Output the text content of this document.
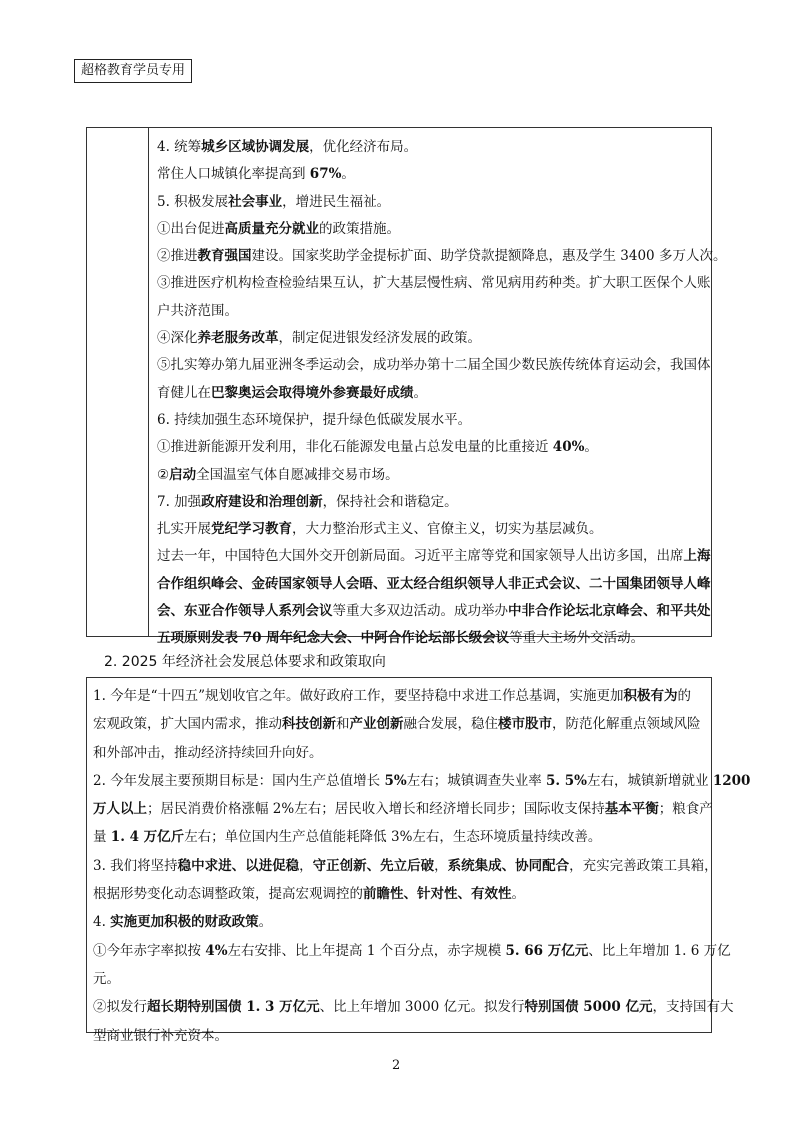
超格教育学员专用
4. 统筹城乡区域协调发展，优化经济布局。
常住人口城镇化率提高到 67%。
5. 积极发展社会事业，增进民生福祉。
①出台促进高质量充分就业的政策措施。
②推进教育强国建设。国家奖助学金提标扩面、助学贷款提额降息，惠及学生 3400 多万人次。
③推进医疗机构检查检验结果互认，扩大基层慢性病、常见病用药种类。扩大职工医保个人账
户共济范围。
④深化养老服务改革，制定促进银发经济发展的政策。
⑤扎实筹办第九届亚洲冬季运动会，成功举办第十二届全国少数民族传统体育运动会，我国体
育健儿在巴黎奥运会取得境外参赛最好成绩。
6. 持续加强生态环境保护，提升绿色低碳发展水平。
①推进新能源开发利用，非化石能源发电量占总发电量的比重接近 40%。
②启动全国温室气体自愿减排交易市场。
7. 加强政府建设和治理创新，保持社会和谐稳定。
扎实开展党纪学习教育，大力整治形式主义、官僚主义，切实为基层减负。
过去一年，中国特色大国外交开创新局面。习近平主席等党和国家领导人出访多国，出席上海
合作组织峰会、金砖国家领导人会晤、亚太经合组织领导人非正式会议、二十国集团领导人峰
会、东亚合作领导人系列会议等重大多双边活动。成功举办中非合作论坛北京峰会、和平共处
五项原则发表 70 周年纪念大会、中阿合作论坛部长级会议等重大主场外交活动。
2. 2025 年经济社会发展总体要求和政策取向
1. 今年是“十四五”规划收官之年。做好政府工作，要坚持稳中求进工作总基调，实施更加积极有为的
宏观政策，扩大国内需求，推动科技创新和产业创新融合发展，稳住楼市股市，防范化解重点领域风险
和外部冲击，推动经济持续回升向好。
2. 今年发展主要预期目标是：国内生产总值增长 5%左右；城镇调查失业率 5. 5%左右，城镇新增就业 1200
万人以上；居民消费价格涨幅 2%左右；居民收入增长和经济增长同步；国际收支保持基本平衡；粮食产
量 1. 4 万亿斤左右；单位国内生产总值能耗降低 3%左右，生态环境质量持续改善。
3. 我们将坚持稳中求进、以进促稳，守正创新、先立后破，系统集成、协同配合，充实完善政策工具箱，
根据形势变化动态调整政策，提高宏观调控的前瞻性、针对性、有效性。
4. 实施更加积极的财政政策。
①今年赤字率拟按 4%左右安排、比上年提高 1 个百分点，赤字规模 5. 66 万亿元、比上年增加 1. 6 万亿
元。
②拟发行超长期特别国债 1. 3 万亿元、比上年增加 3000 亿元。拟发行特别国债 5000 亿元，支持国有大
型商业银行补充资本。
2
